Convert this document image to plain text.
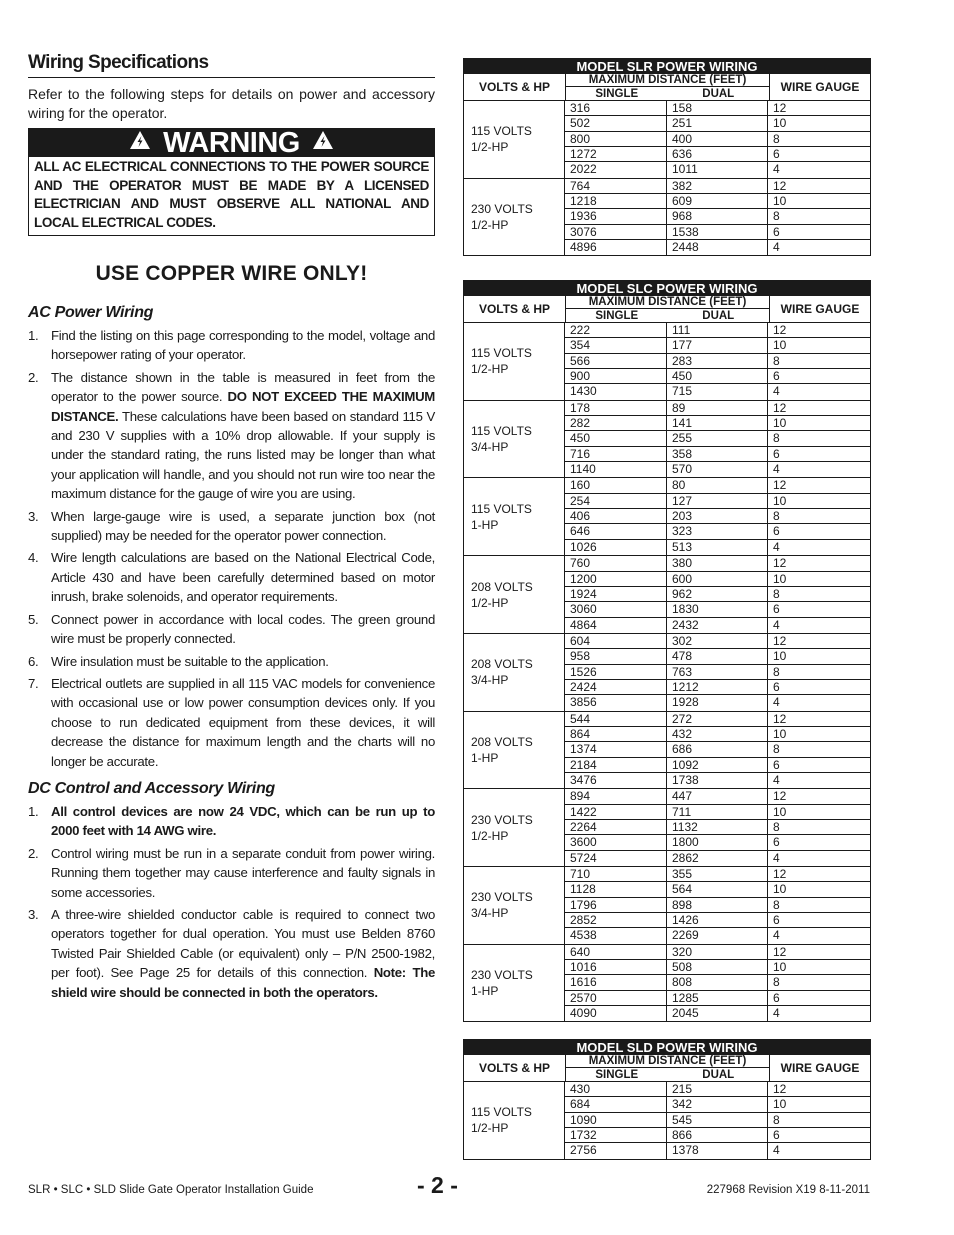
Wiring Specifications

Refer to the following steps for details on power and accessory wiring for the operator.

WARNING
ALL AC ELECTRICAL CONNECTIONS TO THE POWER SOURCE AND THE OPERATOR MUST BE MADE BY A LICENSED ELECTRICIAN AND MUST OBSERVE ALL NATIONAL AND LOCAL ELECTRICAL CODES.
USE COPPER WIRE ONLY!
AC Power Wiring
1. Find the listing on this page corresponding to the model, voltage and horsepower rating of your operator.
2. The distance shown in the table is measured in feet from the operator to the power source. DO NOT EXCEED THE MAXIMUM DISTANCE. These calculations have been based on standard 115 V and 230 V supplies with a 10% drop allowable. If your supply is under the standard rating, the runs listed may be longer than what your application will handle, and you should not run wire too near the maximum distance for the gauge of wire you are using.
3. When large-gauge wire is used, a separate junction box (not supplied) may be needed for the operator power connection.
4. Wire length calculations are based on the National Electrical Code, Article 430 and have been carefully determined based on motor inrush, brake solenoids, and operator requirements.
5. Connect power in accordance with local codes. The green ground wire must be properly connected.
6. Wire insulation must be suitable to the application.
7. Electrical outlets are supplied in all 115 VAC models for convenience with occasional use or low power consumption devices only. If you choose to run dedicated equipment from these devices, it will decrease the distance for maximum length and the charts will no longer be accurate.
DC Control and Accessory Wiring
1. All control devices are now 24 VDC, which can be run up to 2000 feet with 14 AWG wire.
2. Control wiring must be run in a separate conduit from power wiring. Running them together may cause interference and faulty signals in some accessories.
3. A three-wire shielded conductor cable is required to connect two operators together for dual operation. You must use Belden 8760 Twisted Pair Shielded Cable (or equivalent) only – P/N 2500-1982, per foot). See Page 25 for details of this connection. Note: The shield wire should be connected in both the operators.
MODEL SLR POWER WIRING
VOLTS & HP	MAXIMUM DISTANCE (FEET)
SINGLE	DUAL	WIRE GAUGE
115 VOLTS
1/2-HP
316	158	12
502	251	10
800	400	8
1272	636	6
2022	1011	4
230 VOLTS
1/2-HP
764	382	12
1218	609	10
1936	968	8
3076	1538	6
4896	2448	4
MODEL SLC POWER WIRING
VOLTS & HP	MAXIMUM DISTANCE (FEET)
SINGLE	DUAL	WIRE GAUGE
115 VOLTS
1/2-HP
222	111	12
354	177	10
566	283	8
900	450	6
1430	715	4
115 VOLTS
3/4-HP
178	89	12
282	141	10
450	255	8
716	358	6
1140	570	4
115 VOLTS
1-HP
160	80	12
254	127	10
406	203	8
646	323	6
1026	513	4
208 VOLTS
1/2-HP
760	380	12
1200	600	10
1924	962	8
3060	1830	6
4864	2432	4
208 VOLTS
3/4-HP
604	302	12
958	478	10
1526	763	8
2424	1212	6
3856	1928	4
208 VOLTS
1-HP
544	272	12
864	432	10
1374	686	8
2184	1092	6
3476	1738	4
230 VOLTS
1/2-HP
894	447	12
1422	711	10
2264	1132	8
3600	1800	6
5724	2862	4
230 VOLTS
3/4-HP
710	355	12
1128	564	10
1796	898	8
2852	1426	6
4538	2269	4
230 VOLTS
1-HP
640	320	12
1016	508	10
1616	808	8
2570	1285	6
4090	2045	4
MODEL SLD POWER WIRING
VOLTS & HP	MAXIMUM DISTANCE (FEET)
SINGLE	DUAL	WIRE GAUGE
115 VOLTS
1/2-HP
430	215	12
684	342	10
1090	545	8
1732	866	6
2756	1378	4
SLR • SLC • SLD Slide Gate Operator Installation Guide	- 2 -	227968 Revision X19 8-11-2011
